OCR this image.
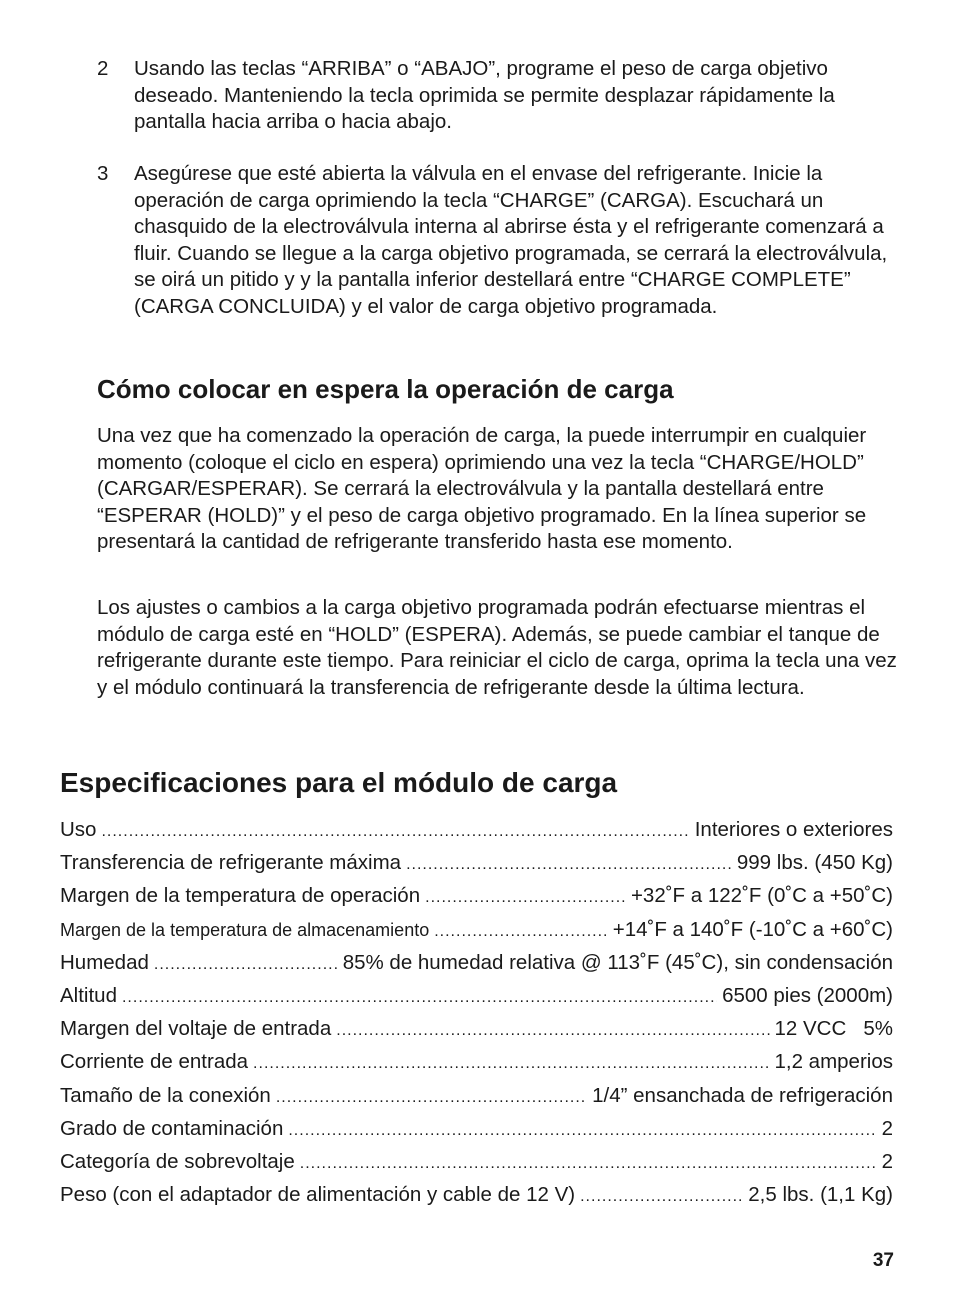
2	Usando las teclas “ARRIBA” o “ABAJO”, programe el peso de carga objetivo deseado. Manteniendo la tecla oprimida se permite desplazar rápidamente la pantalla hacia arriba o hacia abajo.
3	Asegúrese que esté abierta la válvula en el envase del refrigerante. Inicie la operación de carga oprimiendo la tecla “CHARGE” (CARGA). Escuchará un chasquido de la electroválvula interna al abrirse ésta y el refrigerante comenzará a fluir. Cuando se llegue a la carga objetivo programada, se cerrará la electroválvula, se oirá un pitido y y la pantalla inferior destellará entre “CHARGE COMPLETE” (CARGA CONCLUIDA) y el valor de carga objetivo programada.
Cómo colocar en espera la operación de carga

Una vez que ha comenzado la operación de carga, la puede interrumpir en cualquier momento (coloque el ciclo en espera) oprimiendo una vez la tecla “CHARGE/HOLD” (CARGAR/ESPERAR). Se cerrará la electroválvula y la pantalla destellará entre “ESPERAR (HOLD)” y el peso de carga objetivo programado. En la línea superior se presentará la cantidad de refrigerante transferido hasta ese momento.

Los ajustes o cambios a la carga objetivo programada podrán efectuarse mientras el módulo de carga esté en “HOLD” (ESPERA). Además, se puede cambiar el tanque de refrigerante durante este tiempo. Para reiniciar el ciclo de carga, oprima la tecla una vez y el módulo continuará la transferencia de refrigerante desde la última lectura.

Especificaciones para el módulo de carga
Uso .....	Interiores o exteriores
Transferencia de refrigerante máxima .....	999 lbs. (450 Kg)
Margen de la temperatura de operación .....	+32˚F a 122˚F (0˚C a +50˚C)
Margen de la temperatura de almacenamiento .....	+14˚F a 140˚F (-10˚C a +60˚C)
Humedad .....	85% de humedad relativa @ 113˚F (45˚C), sin condensación
Altitud .....	6500 pies (2000m)
Margen del voltaje de entrada .....	12 VCC   5%
Corriente de entrada .....	1,2 amperios
Tamaño de la conexión .....	1/4” ensanchada de refrigeración
Grado de contaminación .....	2
Categoría de sobrevoltaje .....	2
Peso (con el adaptador de alimentación y cable de 12 V) .....	2,5 lbs. (1,1 Kg)
37
